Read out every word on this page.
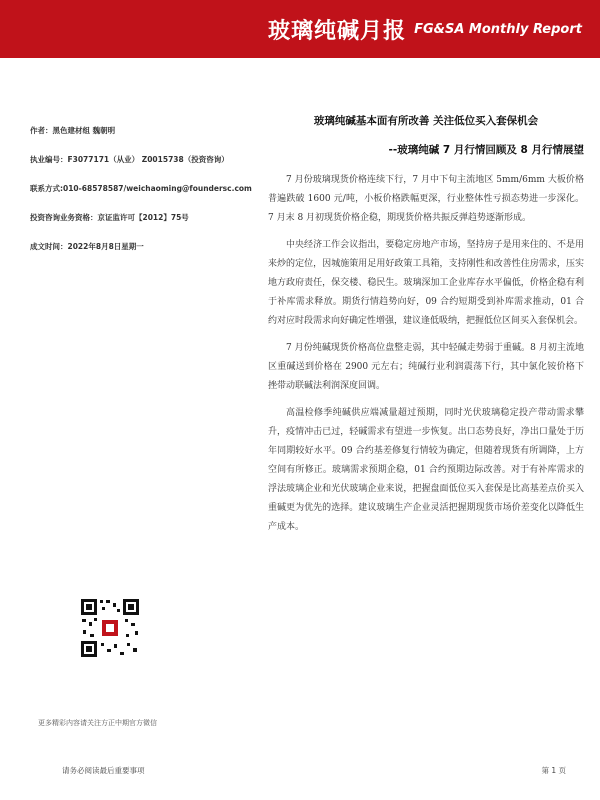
玻璃纯碱月报 FG&SA Monthly Report
作者：黑色建材组 魏朝明
执业编号：F3077171（从业） Z0015738（投资咨询）
联系方式:010-68578587/weichaoming@foundersc.com
投资咨询业务资格：京证监许可【2012】75号
成文时间：2022年8月8日星期一
更多精彩内容请关注方正中期官方微信
玻璃纯碱基本面有所改善 关注低位买入套保机会
--玻璃纯碱 7 月行情回顾及 8 月行情展望

7 月份玻璃现货价格连续下行，7 月中下旬主流地区 5mm/6mm 大板价格普遍跌破 1600 元/吨，小板价格跌幅更深，行业整体性亏损态势进一步深化。7 月末 8 月初现货价格企稳，期现货价格共振反弹趋势逐渐形成。

中央经济工作会议指出，要稳定房地产市场，坚持房子是用来住的、不是用来炒的定位，因城施策用足用好政策工具箱，支持刚性和改善性住房需求，压实地方政府责任，保交楼、稳民生。玻璃深加工企业库存水平偏低，价格企稳有利于补库需求释放。期货行情趋势向好，09 合约短期受到补库需求推动，01 合约对应时段需求向好确定性增强，建议逢低吸纳，把握低位区间买入套保机会。

7 月份纯碱现货价格高位盘整走弱，其中轻碱走势弱于重碱。8 月初主流地区重碱送到价格在 2900 元左右；纯碱行业利润震荡下行，其中氯化铵价格下挫带动联碱法利润深度回调。

高温检修季纯碱供应端减量超过预期，同时光伏玻璃稳定投产带动需求攀升，疫情冲击已过，轻碱需求有望进一步恢复。出口态势良好，净出口量处于历年同期较好水平。09 合约基差修复行情较为确定，但随着现货有所调降，上方空间有所修正。玻璃需求预期企稳，01 合约预期边际改善。对于有补库需求的浮法玻璃企业和光伏玻璃企业来说，把握盘面低位买入套保是比高基差点价买入重碱更为优先的选择。建议玻璃生产企业灵活把握期现货市场价差变化以降低生产成本。

请务必阅读最后重要事项	第 1 页
